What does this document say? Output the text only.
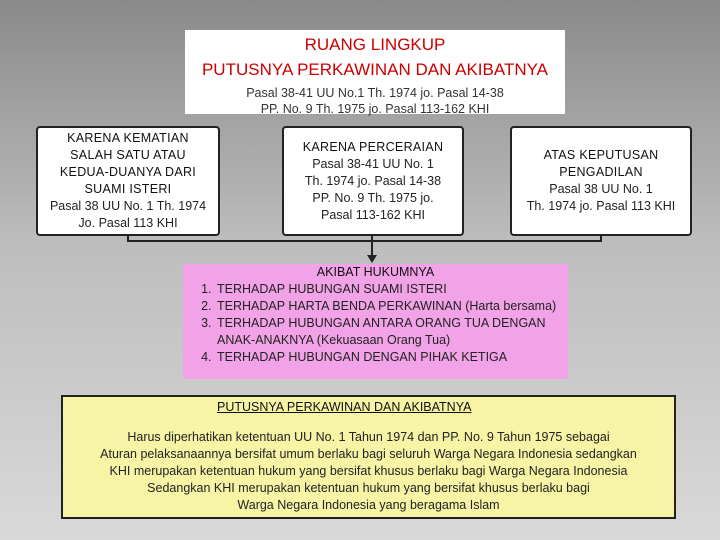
RUANG LINGKUP
PUTUSNYA PERKAWINAN DAN AKIBATNYA
Pasal 38-41 UU No.1 Th. 1974 jo. Pasal 14-38
PP. No. 9 Th. 1975 jo. Pasal 113-162 KHI
KARENA KEMATIAN
SALAH SATU ATAU
KEDUA-DUANYA DARI
SUAMI ISTERI
Pasal 38 UU No. 1 Th. 1974
Jo. Pasal 113 KHI
KARENA PERCERAIAN
Pasal 38-41 UU No. 1
Th. 1974 jo. Pasal 14-38
PP. No. 9 Th. 1975 jo.
Pasal 113-162 KHI
ATAS KEPUTUSAN
PENGADILAN
Pasal 38 UU No. 1
Th. 1974 jo. Pasal 113 KHI
AKIBAT HUKUMNYA
1. TERHADAP HUBUNGAN SUAMI ISTERI
2. TERHADAP HARTA BENDA PERKAWINAN (Harta bersama)
3. TERHADAP HUBUNGAN ANTARA ORANG TUA DENGAN ANAK-ANAKNYA (Kekuasaan Orang Tua)
4. TERHADAP HUBUNGAN DENGAN PIHAK KETIGA
PUTUSNYA PERKAWINAN DAN AKIBATNYA
Harus diperhatikan ketentuan UU No. 1 Tahun 1974 dan PP. No. 9 Tahun 1975 sebagai
Aturan pelaksanaannya bersifat umum berlaku bagi seluruh Warga Negara Indonesia sedangkan
KHI merupakan ketentuan hukum yang bersifat khusus berlaku bagi Warga Negara Indonesia
Sedangkan KHI merupakan ketentuan hukum yang bersifat khusus berlaku bagi
Warga Negara Indonesia yang beragama Islam
